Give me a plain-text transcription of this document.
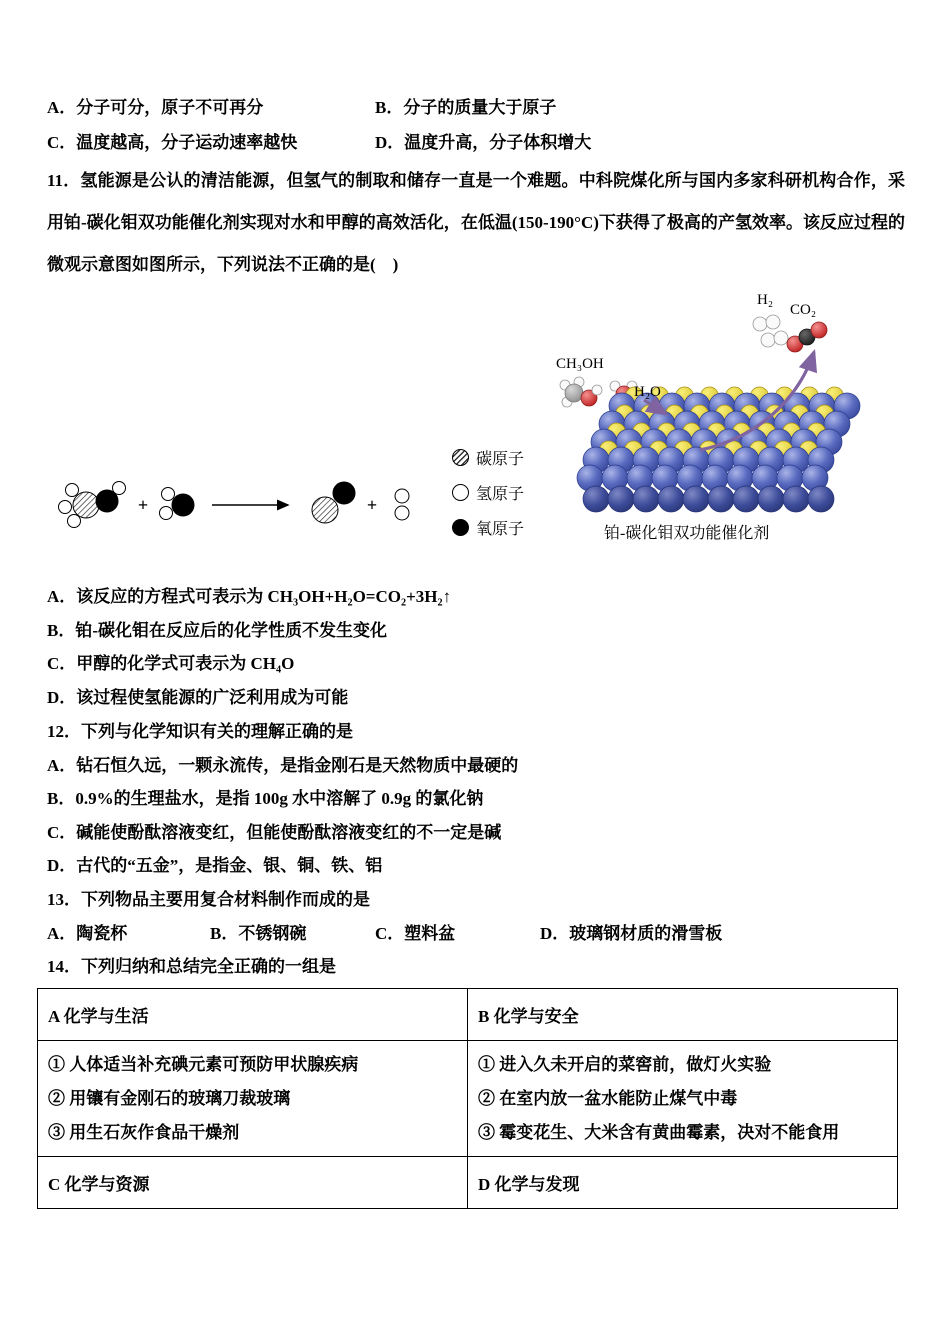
A．分子可分，原子不可再分	B．分子的质量大于原子
C．温度越高，分子运动速率越快	D．温度升高，分子体积增大
11．氢能源是公认的清洁能源，但氢气的制取和储存一直是一个难题。中科院煤化所与国内多家科研机构合作，采用铂-碳化钼双功能催化剂实现对水和甲醇的高效活化，在低温(150-190°C)下获得了极高的产氢效率。该反应过程的微观示意图如图所示，下列说法不正确的是(　)
+	+
碳原子
氢原子
氧原子
H₂
CO₂
CH₃OH
H₂O
铂-碳化钼双功能催化剂
A．该反应的方程式可表示为 CH₃OH+H₂O=CO₂+3H₂↑
B．铂-碳化钼在反应后的化学性质不发生变化
C．甲醇的化学式可表示为 CH₄O
D．该过程使氢能源的广泛利用成为可能
12．下列与化学知识有关的理解正确的是
A．钻石恒久远，一颗永流传，是指金刚石是天然物质中最硬的
B．0.9%的生理盐水，是指 100g 水中溶解了 0.9g 的氯化钠
C．碱能使酚酞溶液变红，但能使酚酞溶液变红的不一定是碱
D．古代的“五金”，是指金、银、铜、铁、铝
13．下列物品主要用复合材料制作而成的是
A．陶瓷杯	B．不锈钢碗	C．塑料盆	D．玻璃钢材质的滑雪板
14．下列归纳和总结完全正确的一组是
A 化学与生活	B 化学与安全

① 人体适当补充碘元素可预防甲状腺疾病
② 用镶有金刚石的玻璃刀裁玻璃
③ 用生石灰作食品干燥剂

① 进入久未开启的菜窖前，做灯火实验
② 在室内放一盆水能防止煤气中毒
③ 霉变花生、大米含有黄曲霉素，决对不能食用

C 化学与资源	D 化学与发现
